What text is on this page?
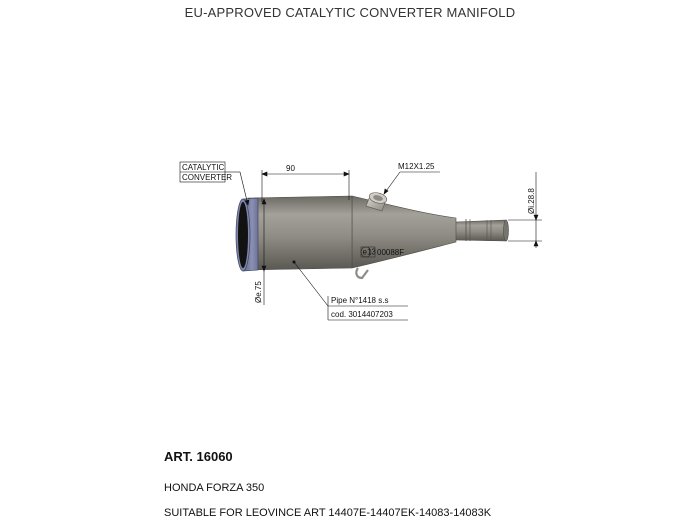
EU-APPROVED CATALYTIC CONVERTER MANIFOLD
e13 00088F
90	M12X1.25
Øi.28.8
Øe.75
CATALYTIC
CONVERTER
Pipe N°1418 s.s
cod. 3014407203
ART. 16060
HONDA FORZA 350
SUITABLE FOR LEOVINCE ART 14407E-14407EK-14083-14083K
